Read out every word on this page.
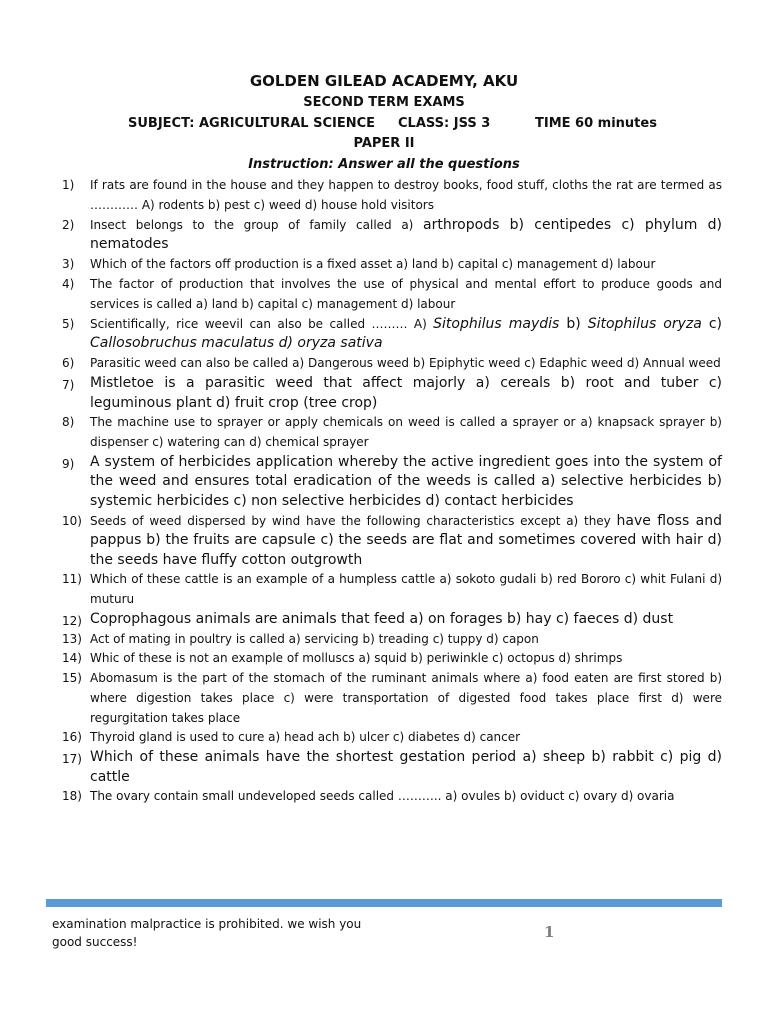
GOLDEN GILEAD ACADEMY, AKU
SECOND TERM EXAMS
SUBJECT: AGRICULTURAL SCIENCE CLASS: JSS 3	TIME 60 minutes
PAPER II
Instruction: Answer all the questions
1)	If rats are found in the house and they happen to destroy books, food stuff, cloths the rat are termed as ………… A) rodents b) pest c) weed d) house hold visitors
2)	Insect belongs to the group of family called a) arthropods b) centipedes c) phylum d) nematodes
3)	Which of the factors off production is a fixed asset a) land b) capital c) management d) labour
4)	The factor of production that involves the use of physical and mental effort to produce goods and services is called a) land b) capital c) management d) labour
5)	Scientifically, rice weevil can also be called ……… A) Sitophilus maydis b) Sitophilus oryza c) Callosobruchus maculatus d) oryza sativa
6)	Parasitic weed can also be called a) Dangerous weed b) Epiphytic weed c) Edaphic weed d) Annual weed
7)	Mistletoe is a parasitic weed that affect majorly a) cereals b) root and tuber c) leguminous plant d) fruit crop (tree crop)
8)	The machine use to sprayer or apply chemicals on weed is called a sprayer or a) knapsack sprayer b) dispenser c) watering can d) chemical sprayer
9)	A system of herbicides application whereby the active ingredient goes into the system of the weed and ensures total eradication of the weeds is called a) selective herbicides b) systemic herbicides c) non selective herbicides d) contact herbicides
10) Seeds of weed dispersed by wind have the following characteristics except a) they have floss and pappus b) the fruits are capsule c) the seeds are flat and sometimes covered with hair d) the seeds have fluffy cotton outgrowth
11) Which of these cattle is an example of a humpless cattle a) sokoto gudali b) red Bororo c) whit Fulani d) muturu
12) Coprophagous animals are animals that feed a) on forages b) hay c) faeces d) dust
13) Act of mating in poultry is called a) servicing b) treading c) tuppy d) capon
14) Whic of these is not an example of molluscs a) squid b) periwinkle c) octopus d) shrimps
15) Abomasum is the part of the stomach of the ruminant animals where a) food eaten are first stored b) where digestion takes place c) were transportation of digested food takes place first d) were regurgitation takes place
16) Thyroid gland is used to cure a) head ach b) ulcer c) diabetes d) cancer
17) Which of these animals have the shortest gestation period a) sheep b) rabbit c) pig d) cattle
18) The ovary contain small undeveloped seeds called ……….. a) ovules b) oviduct c) ovary d) ovaria
examination malpractice is prohibited. we wish you good success!
1
